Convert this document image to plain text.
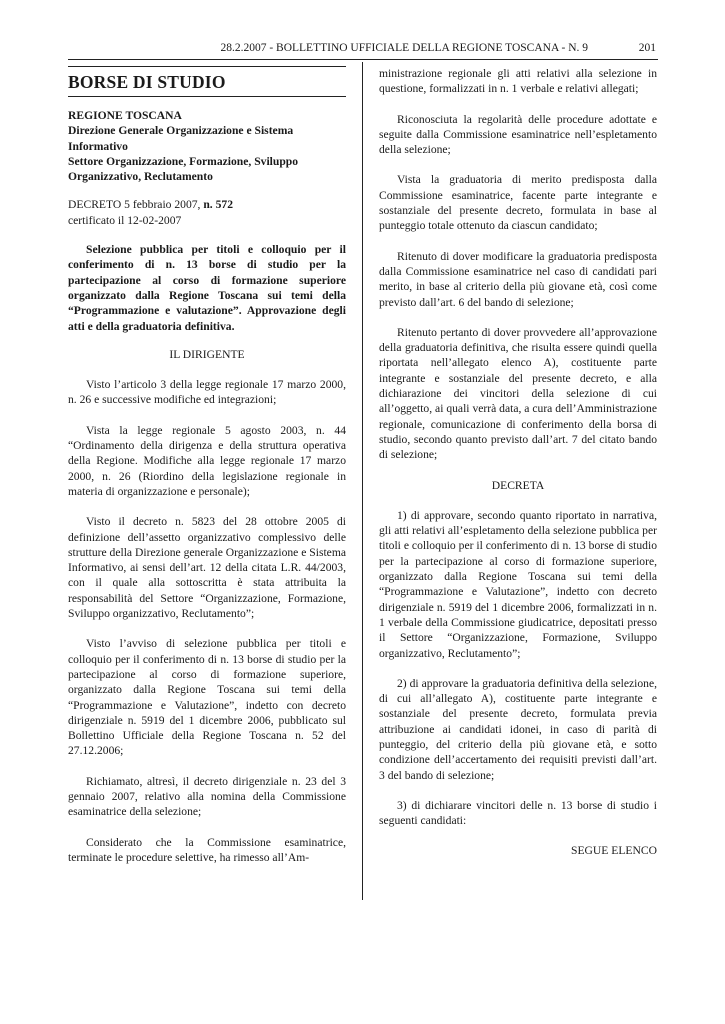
28.2.2007 - BOLLETTINO UFFICIALE DELLA REGIONE TOSCANA - N. 9	201
BORSE DI STUDIO
REGIONE TOSCANA
Direzione Generale Organizzazione e Sistema
Informativo
Settore Organizzazione, Formazione, Sviluppo
Organizzativo, Reclutamento
DECRETO 5 febbraio 2007, n. 572
certificato il 12-02-2007

Selezione pubblica per titoli e colloquio per il conferimento di n. 13 borse di studio per la partecipazione al corso di formazione superiore organizzato dalla Regione Toscana sui temi della “Programmazione e valutazione”. Approvazione degli atti e della graduatoria definitiva.

IL DIRIGENTE

Visto l’articolo 3 della legge regionale 17 marzo 2000, n. 26 e successive modifiche ed integrazioni;

Vista la legge regionale 5 agosto 2003, n. 44 “Ordinamento della dirigenza e della struttura operativa della Regione. Modifiche alla legge regionale 17 marzo 2000, n. 26 (Riordino della legislazione regionale in materia di organizzazione e personale);

Visto il decreto n. 5823 del 28 ottobre 2005 di definizione dell’assetto organizzativo complessivo delle strutture della Direzione generale Organizzazione e Sistema Informativo, ai sensi dell’art. 12 della citata L.R. 44/2003, con il quale alla sottoscritta è stata attribuita la responsabilità del Settore “Organizzazione, Formazione, Sviluppo organizzativo, Reclutamento”;

Visto l’avviso di selezione pubblica per titoli e colloquio per il conferimento di n. 13 borse di studio per la partecipazione al corso di formazione superiore, organizzato dalla Regione Toscana sui temi della “Programmazione e Valutazione”, indetto con decreto dirigenziale n. 5919 del 1 dicembre 2006, pubblicato sul Bollettino Ufficiale della Regione Toscana n. 52 del 27.12.2006;

Richiamato, altresì, il decreto dirigenziale n. 23 del 3 gennaio 2007, relativo alla nomina della Commissione esaminatrice della selezione;

Considerato che la Commissione esaminatrice, terminate le procedure selettive, ha rimesso all’Am-

ministrazione regionale gli atti relativi alla selezione in questione, formalizzati in n. 1 verbale e relativi allegati;

Riconosciuta la regolarità delle procedure adottate e seguite dalla Commissione esaminatrice nell’espletamento della selezione;

Vista la graduatoria di merito predisposta dalla Commissione esaminatrice, facente parte integrante e sostanziale del presente decreto, formulata in base al punteggio totale ottenuto da ciascun candidato;

Ritenuto di dover modificare la graduatoria predisposta dalla Commissione esaminatrice nel caso di candidati pari merito, in base al criterio della più giovane età, così come previsto dall’art. 6 del bando di selezione;

Ritenuto pertanto di dover provvedere all’approvazione della graduatoria definitiva, che risulta essere quindi quella riportata nell’allegato elenco A), costituente parte integrante e sostanziale del presente decreto, e alla dichiarazione dei vincitori della selezione di cui all’oggetto, ai quali verrà data, a cura dell’Amministrazione regionale, comunicazione di conferimento della borsa di studio, secondo quanto previsto dall’art. 7 del citato bando di selezione;

DECRETA

1) di approvare, secondo quanto riportato in narrativa, gli atti relativi all’espletamento della selezione pubblica per titoli e colloquio per il conferimento di n. 13 borse di studio per la partecipazione al corso di formazione superiore, organizzato dalla Regione Toscana sui temi della “Programmazione e Valutazione”, indetto con decreto dirigenziale n. 5919 del 1 dicembre 2006, formalizzati in n. 1 verbale della Commissione giudicatrice, depositati presso il Settore “Organizzazione, Formazione, Sviluppo organizzativo, Reclutamento”;

2) di approvare la graduatoria definitiva della selezione, di cui all’allegato A), costituente parte integrante e sostanziale del presente decreto, formulata previa attribuzione ai candidati idonei, in caso di parità di punteggio, del criterio della più giovane età, e sotto condizione dell’accertamento dei requisiti previsti dall’art. 3 del bando di selezione;

3) di dichiarare vincitori delle n. 13 borse di studio i seguenti candidati:

SEGUE ELENCO
